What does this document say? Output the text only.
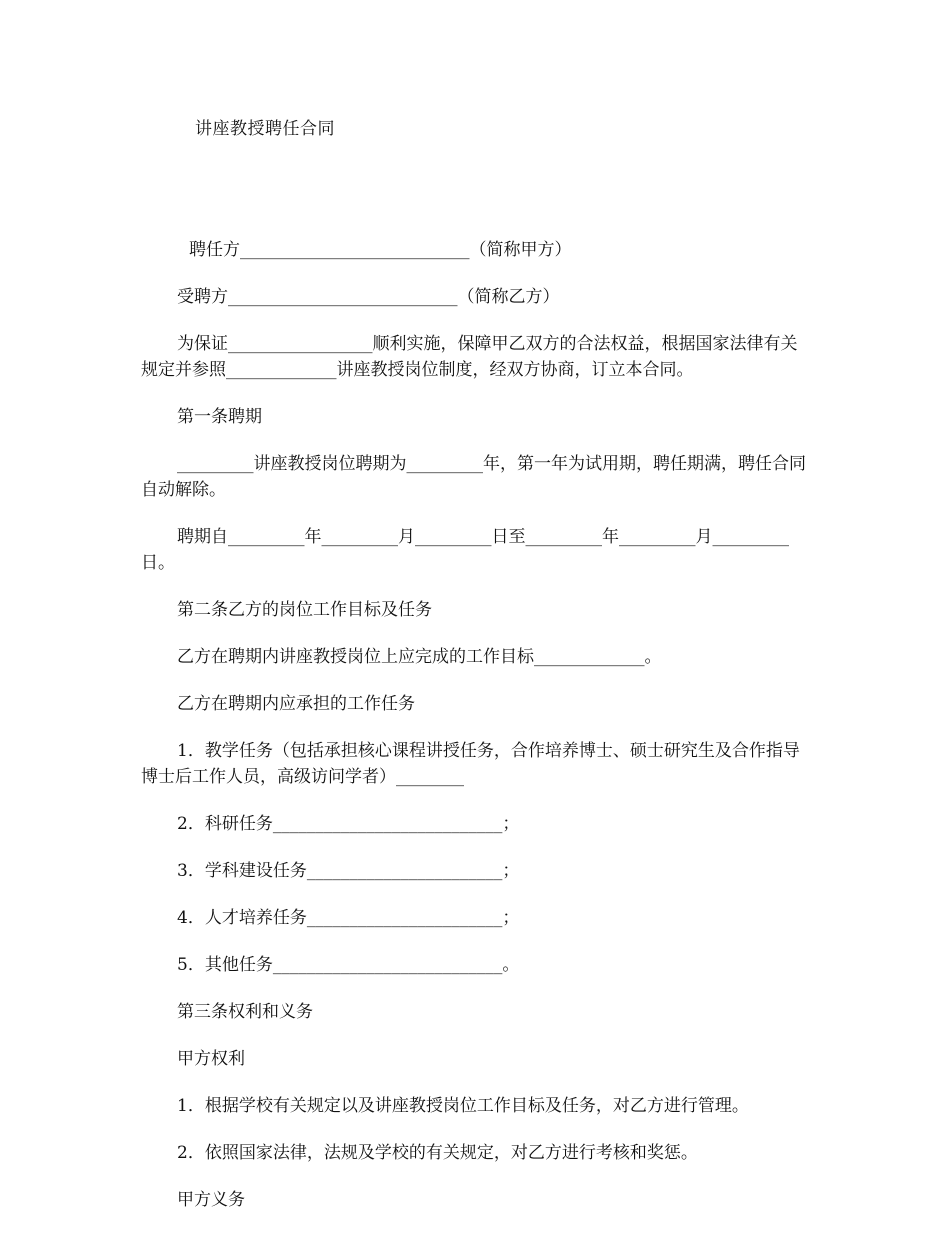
讲座教授聘任合同

聘任方___________________________（简称甲方）

受聘方___________________________（简称乙方）

为保证_________________顺利实施，保障甲乙双方的合法权益，根据国家法律有关规定并参照_____________讲座教授岗位制度，经双方协商，订立本合同。

第一条聘期

_________讲座教授岗位聘期为_________年，第一年为试用期，聘任期满，聘任合同自动解除。

聘期自_________年_________月_________日至_________年_________月_________日。

第二条乙方的岗位工作目标及任务

乙方在聘期内讲座教授岗位上应完成的工作目标_____________。

乙方在聘期内应承担的工作任务

1．教学任务（包括承担核心课程讲授任务，合作培养博士、硕士研究生及合作指导博士后工作人员，高级访问学者）________

2．科研任务___________________________；

3．学科建设任务_______________________；

4．人才培养任务_______________________；

5．其他任务___________________________。

第三条权利和义务

甲方权利

1．根据学校有关规定以及讲座教授岗位工作目标及任务，对乙方进行管理。

2．依照国家法律，法规及学校的有关规定，对乙方进行考核和奖惩。

甲方义务
